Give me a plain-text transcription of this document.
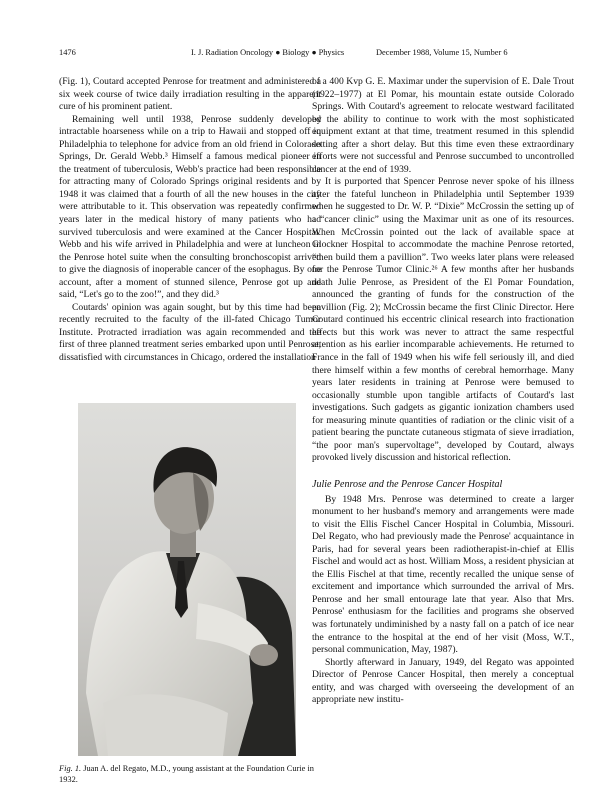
1476	I. J. Radiation Oncology ● Biology ● Physics	December 1988, Volume 15, Number 6

(Fig. 1), Coutard accepted Penrose for treatment and administered a six week course of twice daily irradiation resulting in the apparent cure of his prominent patient.

Remaining well until 1938, Penrose suddenly developed intractable hoarseness while on a trip to Hawaii and stopped off in Philadelphia to telephone for advice from an old friend in Colorado Springs, Dr. Gerald Webb.³ Himself a famous medical pioneer in the treatment of tuberculosis, Webb's practice had been responsible for attracting many of Colorado Springs original residents and by 1948 it was claimed that a fourth of all the new houses in the city were attributable to it. This observation was repeatedly confirmed years later in the medical history of many patients who had survived tuberculosis and were examined at the Cancer Hospital. Webb and his wife arrived in Philadelphia and were at luncheon in the Penrose hotel suite when the consulting bronchoscopist arrived to give the diagnosis of inoperable cancer of the esophagus. By one account, after a moment of stunned silence, Penrose got up and said, “Let's go to the zoo!”, and they did.³

Coutards' opinion was again sought, but by this time had been recently recruited to the faculty of the ill-fated Chicago Tumor Institute. Protracted irradiation was again recommended and the first of three planned treatment series embarked upon until Penrose, dissatisfied with circumstances in Chicago, ordered the installation

Fig. 1. Juan A. del Regato, M.D., young assistant at the Foundation Curie in 1932.

of a 400 Kvp G. E. Maximar under the supervision of E. Dale Trout (1922–1977) at El Pomar, his mountain estate outside Colorado Springs. With Coutard's agreement to relocate westward facilitated by the ability to continue to work with the most sophisticated equipment extant at that time, treatment resumed in this splendid setting after a short delay. But this time even these extraordinary efforts were not successful and Penrose succumbed to uncontrolled cancer at the end of 1939.

It is purported that Spencer Penrose never spoke of his illness after the fateful luncheon in Philadelphia until September 1939 when he suggested to Dr. W. P. “Dixie” McCrossin the setting up of a “cancer clinic” using the Maximar unit as one of its resources. When McCrossin pointed out the lack of available space at Glockner Hospital to accommodate the machine Penrose retorted, “then build them a pavillion”. Two weeks later plans were released for the Penrose Tumor Clinic.²⁶ A few months after her husbands death Julie Penrose, as President of the El Pomar Foundation, announced the granting of funds for the construction of the pavillion (Fig. 2); McCrossin became the first Clinic Director. Here Coutard continued his eccentric clinical research into fractionation effects but this work was never to attract the same respectful attention as his earlier incomparable achievements. He returned to France in the fall of 1949 when his wife fell seriously ill, and died there himself within a few months of cerebral hemorrhage. Many years later residents in training at Penrose were bemused to occasionally stumble upon tangible artifacts of Coutard's last investigations. Such gadgets as gigantic ionization chambers used for measuring minute quantities of radiation or the clinic visit of a patient bearing the punctate cutaneous stigmata of sieve irradiation, “the poor man's supervoltage”, developed by Coutard, always provoked lively discussion and historical reflection.

Julie Penrose and the Penrose Cancer Hospital

By 1948 Mrs. Penrose was determined to create a larger monument to her husband's memory and arrangements were made to visit the Ellis Fischel Cancer Hospital in Columbia, Missouri. Del Regato, who had previously made the Penrose' acquaintance in Paris, had for several years been radiotherapist-in-chief at Ellis Fischel and would act as host. William Moss, a resident physician at the Ellis Fischel at that time, recently recalled the unique sense of excitement and importance which surrounded the arrival of Mrs. Penrose and her small entourage late that year. Also that Mrs. Penrose' enthusiasm for the facilities and programs she observed was fortunately undiminished by a nasty fall on a patch of ice near the entrance to the hospital at the end of her visit (Moss, W.T., personal communication, May, 1987).

Shortly afterward in January, 1949, del Regato was appointed Director of Penrose Cancer Hospital, then merely a conceptual entity, and was charged with overseeing the development of an appropriate new institu-
